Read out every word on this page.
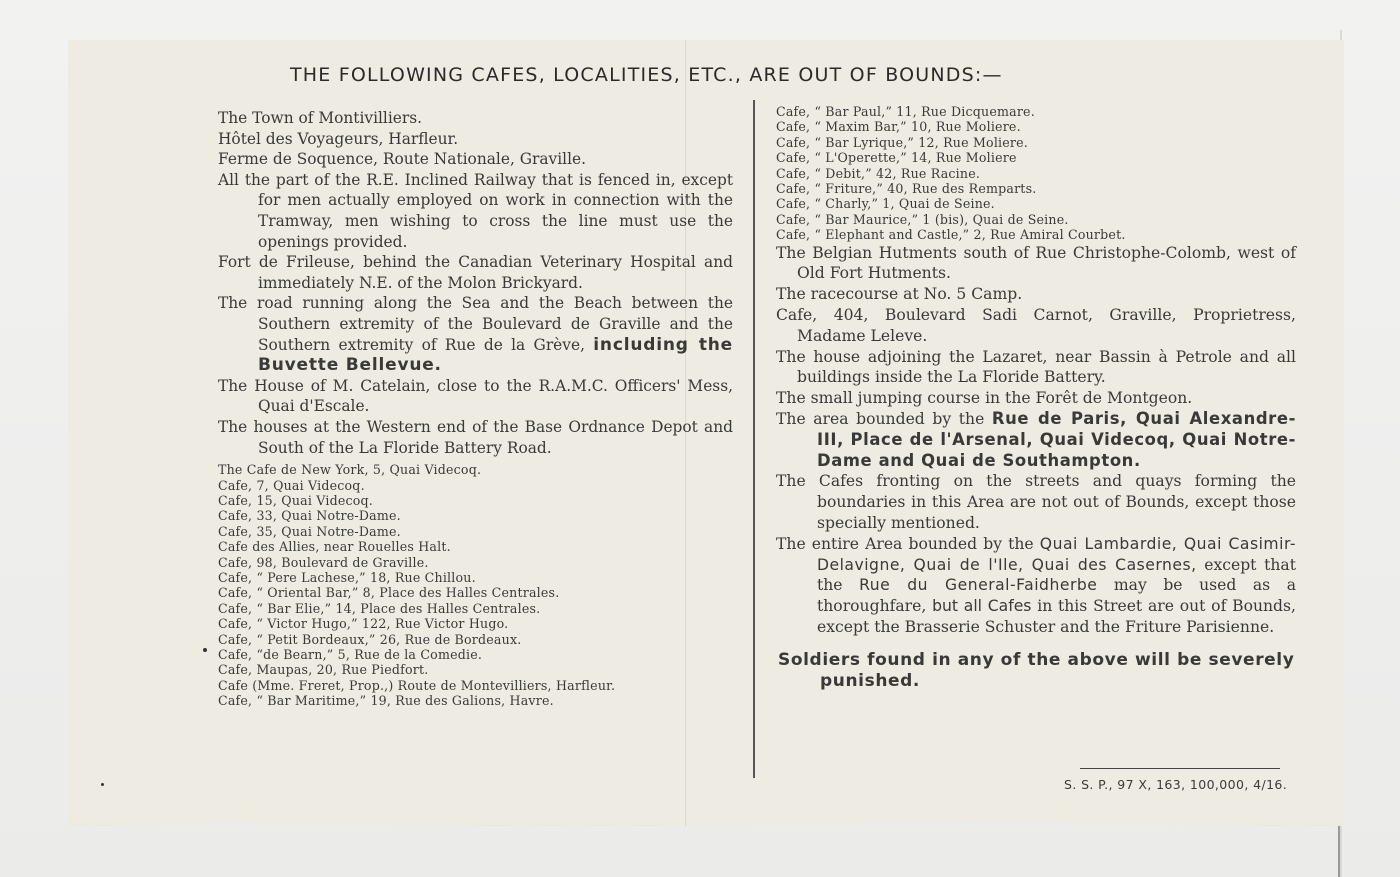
THE FOLLOWING CAFES, LOCALITIES, ETC., ARE OUT OF BOUNDS:—

The Town of Montivilliers.

Hôtel des Voyageurs, Harfleur.

Ferme de Soquence, Route Nationale, Graville.

All the part of the R.E. Inclined Railway that is fenced in, except for men actually employed on work in connection with the Tramway, men wishing to cross the line must use the openings provided.

Fort de Frileuse, behind the Canadian Veterinary Hospital and immediately N.E. of the Molon Brickyard.

The road running along the Sea and the Beach between the Southern extremity of the Boulevard de Graville and the Southern extremity of Rue de la Grève, including the Buvette Bellevue.

The House of M. Catelain, close to the R.A.M.C. Officers' Mess, Quai d'Escale.

The houses at the Western end of the Base Ordnance Depot and South of the La Floride Battery Road.

The Cafe de New York, 5, Quai Videcoq.

Cafe, 7, Quai Videcoq.

Cafe, 15, Quai Videcoq.

Cafe, 33, Quai Notre-Dame.

Cafe, 35, Quai Notre-Dame.

Cafe des Allies, near Rouelles Halt.

Cafe, 98, Boulevard de Graville.

Cafe, “ Pere Lachese,” 18, Rue Chillou.

Cafe, “ Oriental Bar,” 8, Place des Halles Centrales.

Cafe, “ Bar Elie,” 14, Place des Halles Centrales.

Cafe, “ Victor Hugo,” 122, Rue Victor Hugo.

Cafe, “ Petit Bordeaux,” 26, Rue de Bordeaux.

Cafe, “de Bearn,” 5, Rue de la Comedie.

Cafe, Maupas, 20, Rue Piedfort.

Cafe (Mme. Freret, Prop.,) Route de Montevilliers, Harfleur.

Cafe, “ Bar Maritime,” 19, Rue des Galions, Havre.

Cafe, “ Bar Paul,” 11, Rue Dicquemare.

Cafe, “ Maxim Bar,” 10, Rue Moliere.

Cafe, “ Bar Lyrique,” 12, Rue Moliere.

Cafe, “ L'Operette,” 14, Rue Moliere

Cafe, “ Debit,” 42, Rue Racine.

Cafe, “ Friture,” 40, Rue des Remparts.

Cafe, “ Charly,” 1, Quai de Seine.

Cafe, “ Bar Maurice,” 1 (bis), Quai de Seine.

Cafe, “ Elephant and Castle,” 2, Rue Amiral Courbet.

The Belgian Hutments south of Rue Christophe-Colomb, west of Old Fort Hutments.

The racecourse at No. 5 Camp.

Cafe, 404, Boulevard Sadi Carnot, Graville, Proprietress, Madame Leleve.

The house adjoining the Lazaret, near Bassin à Petrole and all buildings inside the La Floride Battery.

The small jumping course in the Forêt de Montgeon.

The area bounded by the Rue de Paris, Quai Alexandre-III, Place de l'Arsenal, Quai Videcoq, Quai Notre-Dame and Quai de Southampton.

The Cafes fronting on the streets and quays forming the boundaries in this Area are not out of Bounds, except those specially mentioned.

The entire Area bounded by the Quai Lambardie, Quai Casimir-Delavigne, Quai de l'Ile, Quai des Casernes, except that the Rue du General-Faidherbe may be used as a thoroughfare, but all Cafes in this Street are out of Bounds, except the Brasserie Schuster and the Friture Parisienne.

Soldiers found in any of the above will be severely punished.

S. S. P., 97 X, 163, 100,000, 4/16.
